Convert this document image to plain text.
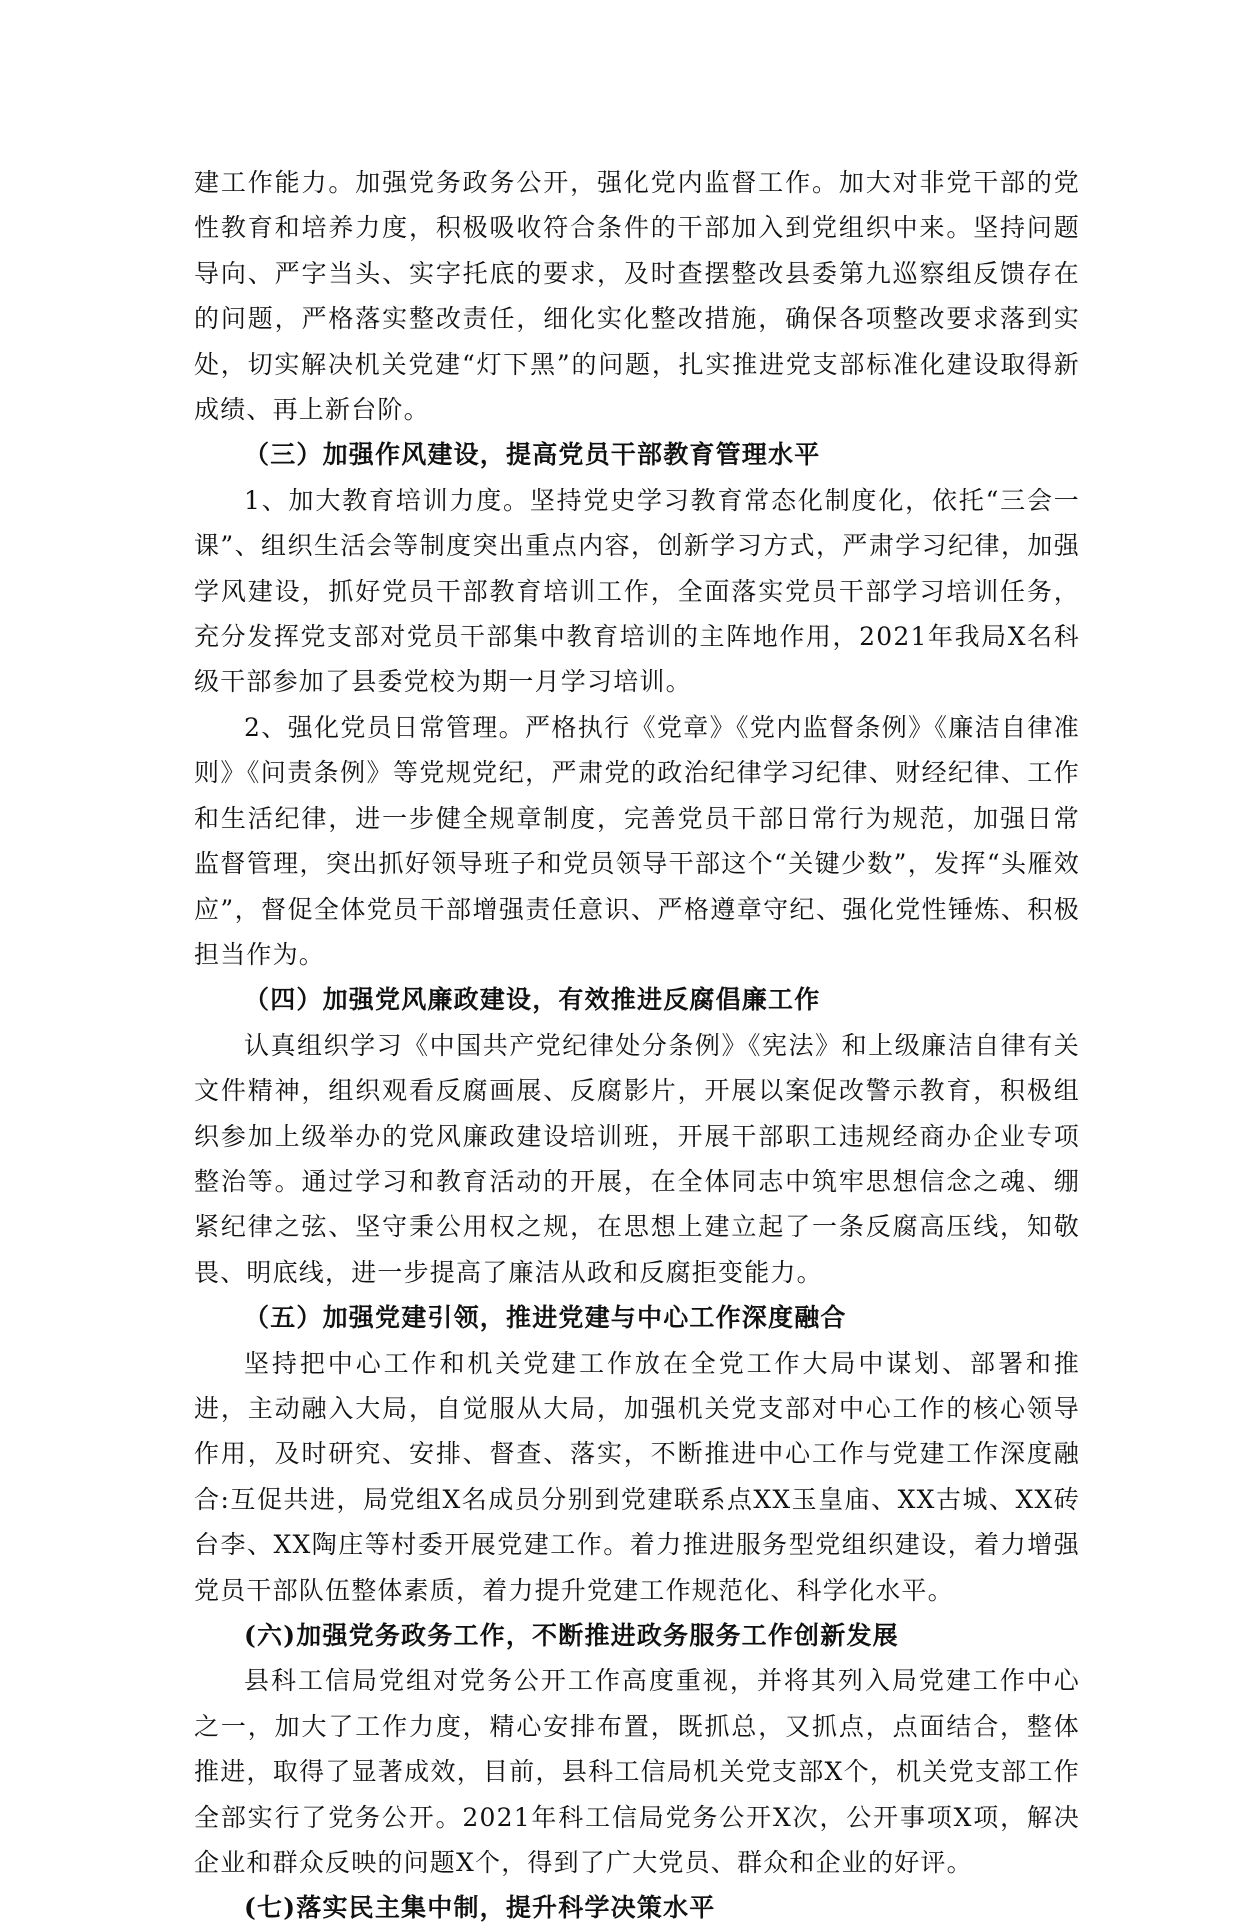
建工作能力。加强党务政务公开，强化党内监督工作。加大对非党干部的党性教育和培养力度，积极吸收符合条件的干部加入到党组织中来。坚持问题导向、严字当头、实字托底的要求，及时查摆整改县委第九巡察组反馈存在的问题，严格落实整改责任，细化实化整改措施，确保各项整改要求落到实处，切实解决机关党建“灯下黑”的问题，扎实推进党支部标准化建设取得新成绩、再上新台阶。

（三）加强作风建设，提高党员干部教育管理水平

1、加大教育培训力度。坚持党史学习教育常态化制度化，依托“三会一课”、组织生活会等制度突出重点内容，创新学习方式，严肃学习纪律，加强学风建设，抓好党员干部教育培训工作，全面落实党员干部学习培训任务，充分发挥党支部对党员干部集中教育培训的主阵地作用，2021年我局X名科级干部参加了县委党校为期一月学习培训。

2、强化党员日常管理。严格执行《党章》《党内监督条例》《廉洁自律准则》《问责条例》等党规党纪，严肃党的政治纪律学习纪律、财经纪律、工作和生活纪律，进一步健全规章制度，完善党员干部日常行为规范，加强日常监督管理，突出抓好领导班子和党员领导干部这个“关键少数”，发挥“头雁效应”，督促全体党员干部增强责任意识、严格遵章守纪、强化党性锤炼、积极担当作为。

（四）加强党风廉政建设，有效推进反腐倡廉工作

认真组织学习《中国共产党纪律处分条例》《宪法》和上级廉洁自律有关文件精神，组织观看反腐画展、反腐影片，开展以案促改警示教育，积极组织参加上级举办的党风廉政建设培训班，开展干部职工违规经商办企业专项整治等。通过学习和教育活动的开展，在全体同志中筑牢思想信念之魂、绷紧纪律之弦、坚守秉公用权之规，在思想上建立起了一条反腐高压线，知敬畏、明底线，进一步提高了廉洁从政和反腐拒变能力。

（五）加强党建引领，推进党建与中心工作深度融合

坚持把中心工作和机关党建工作放在全党工作大局中谋划、部署和推进，主动融入大局，自觉服从大局，加强机关党支部对中心工作的核心领导作用，及时研究、安排、督查、落实，不断推进中心工作与党建工作深度融合:互促共进，局党组X名成员分别到党建联系点XX玉皇庙、XX古城、XX砖台李、XX陶庄等村委开展党建工作。着力推进服务型党组织建设，着力增强党员干部队伍整体素质，着力提升党建工作规范化、科学化水平。

(六)加强党务政务工作，不断推进政务服务工作创新发展

县科工信局党组对党务公开工作高度重视，并将其列入局党建工作中心之一，加大了工作力度，精心安排布置，既抓总，又抓点，点面结合，整体推进，取得了显著成效，目前，县科工信局机关党支部X个，机关党支部工作全部实行了党务公开。2021年科工信局党务公开X次，公开事项X项，解决企业和群众反映的问题X个，得到了广大党员、群众和企业的好评。

(七)落实民主集中制，提升科学决策水平
